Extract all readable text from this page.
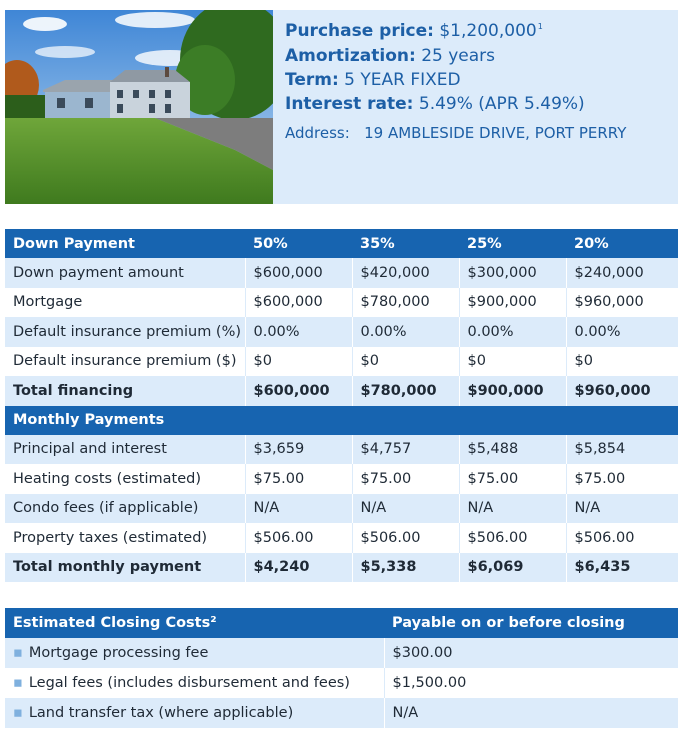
Purchase price: $1,200,000$^1$
Amortization: 25 years
Term: 5 YEAR FIXED
Interest rate: 5.49% (APR 5.49%)
Address: 19 AMBLESIDE DRIVE, PORT PERRY
Down Payment	50%	35%	25%	20%
Down payment amount	$600,000	$420,000	$300,000	$240,000
Mortgage	$600,000	$780,000	$900,000	$960,000
Default insurance premium (%)	0.00%	0.00%	0.00%	0.00%
Default insurance premium ($)	$0	$0	$0	$0
Total financing	$600,000	$780,000	$900,000	$960,000
Monthly Payments				
Principal and interest	$3,659	$4,757	$5,488	$5,854
Heating costs (estimated)	$75.00	$75.00	$75.00	$75.00
Condo fees (if applicable)	N/A	N/A	N/A	N/A
Property taxes (estimated)	$506.00	$506.00	$506.00	$506.00
Total monthly payment	$4,240	$5,338	$6,069	$6,435
Estimated Closing Costs²	Payable on or before closing
▪ Mortgage processing fee	$300.00
▪ Legal fees (includes disbursement and fees)	$1,500.00
▪ Land transfer tax (where applicable)	N/A
